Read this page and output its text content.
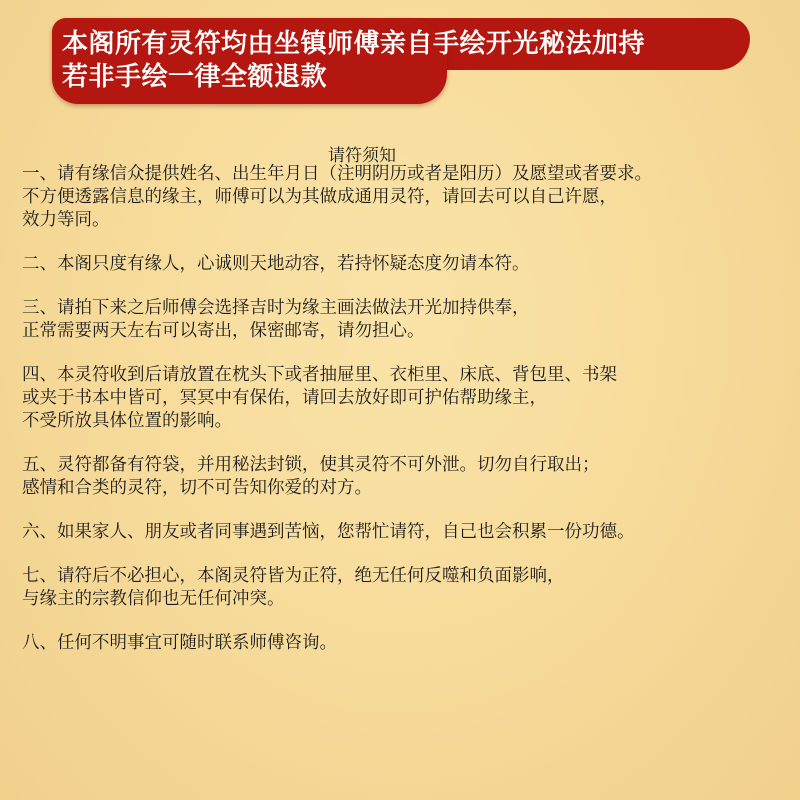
本阁所有灵符均由坐镇师傅亲自手绘开光秘法加持
若非手绘一律全额退款
请符须知
一、请有缘信众提供姓名、出生年月日（注明阴历或者是阳历）及愿望或者要求。
不方便透露信息的缘主，师傅可以为其做成通用灵符，请回去可以自己许愿，
效力等同。
二、本阁只度有缘人，心诚则天地动容，若持怀疑态度勿请本符。
三、请拍下来之后师傅会选择吉时为缘主画法做法开光加持供奉，
正常需要两天左右可以寄出，保密邮寄，请勿担心。
四、本灵符收到后请放置在枕头下或者抽屉里、衣柜里、床底、背包里、书架
或夹于书本中皆可，冥冥中有保佑，请回去放好即可护佑帮助缘主，
不受所放具体位置的影响。
五、灵符都备有符袋，并用秘法封锁，使其灵符不可外泄。切勿自行取出；
感情和合类的灵符，切不可告知你爱的对方。
六、如果家人、朋友或者同事遇到苦恼，您帮忙请符，自己也会积累一份功德。
七、请符后不必担心，本阁灵符皆为正符，绝无任何反噬和负面影响，
与缘主的宗教信仰也无任何冲突。
八、任何不明事宜可随时联系师傅咨询。
